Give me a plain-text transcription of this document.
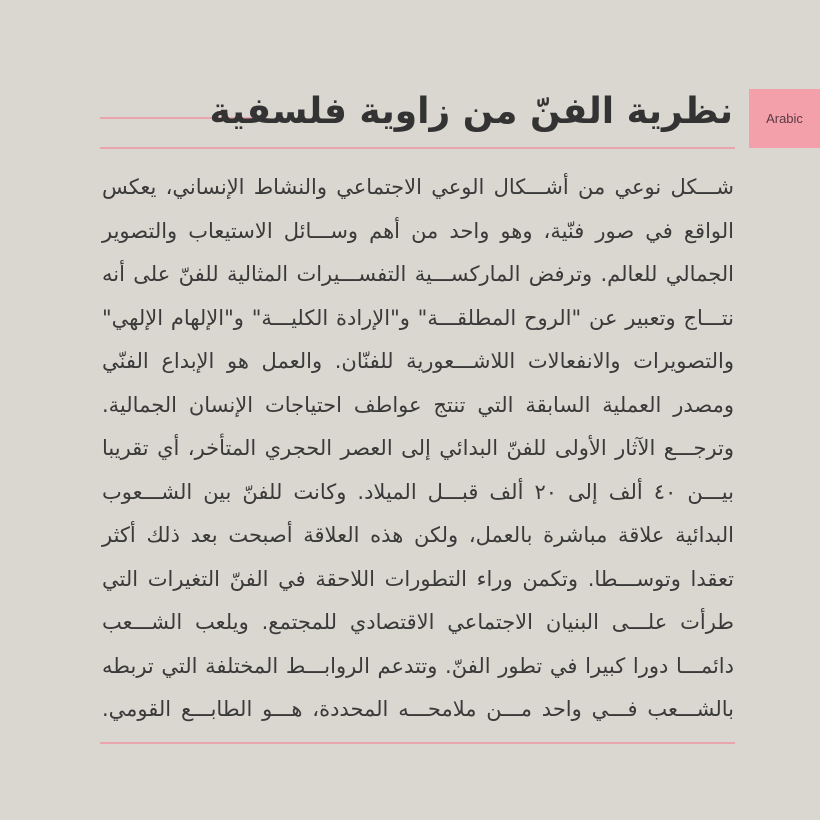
Arabic
نظرية الفنّ من زاوية فلسفية
شـــكل نوعي من أشـــكال الوعي الاجتماعي والنشاط الإنساني، يعكس
الواقع في صور فنّية، وهو واحد من أهم وســـائل الاستيعاب والتصوير
الجمالي للعالم. وترفض الماركســـية التفســـيرات المثالية للفنّ على أنه
نتـــاج وتعبير عن "الروح المطلقـــة" و"الإرادة الكليـــة" و"الإلهام الإلهي"
والتصويرات والانفعالات اللاشـــعورية للفنّان. والعمل هو الإبداع الفنّي
ومصدر العملية السابقة التي تنتج عواطف احتياجات الإنسان الجمالية.
وترجـــع الآثار الأولى للفنّ البدائي إلى العصر الحجري المتأخر، أي تقريبا
بيـــن ٤٠ ألف إلى ٢٠ ألف قبـــل الميلاد. وكانت للفنّ بين الشـــعوب
البدائية علاقة مباشرة بالعمل، ولكن هذه العلاقة أصبحت بعد ذلك أكثر
تعقدا وتوســـطا. وتكمن وراء التطورات اللاحقة في الفنّ التغيرات التي
طرأت علـــى البنيان الاجتماعي الاقتصادي للمجتمع. ويلعب الشـــعب
دائمـــا دورا كبيرا في تطور الفنّ. وتتدعم الروابـــط المختلفة التي تربطه
بالشـــعب فـــي واحد مـــن ملامحـــه المحددة، هـــو الطابـــع القومي.
